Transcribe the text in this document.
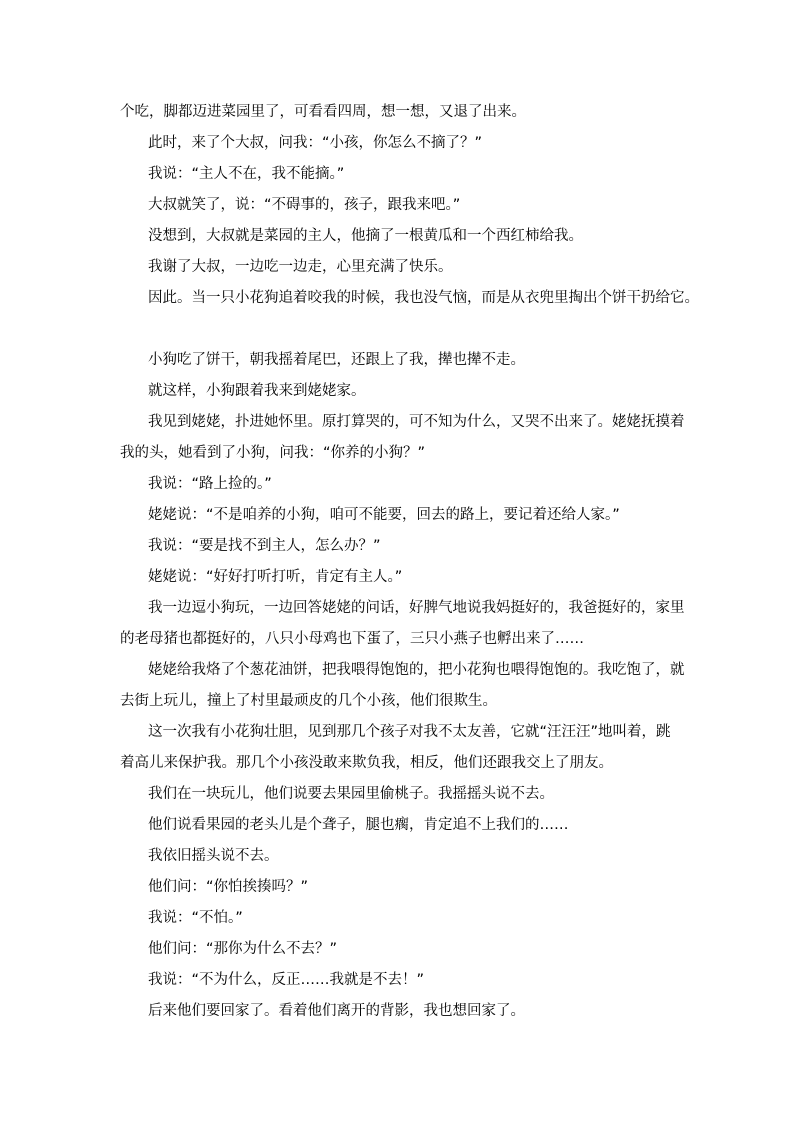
个吃，脚都迈进菜园里了，可看看四周，想一想，又退了出来。

此时，来了个大叔，问我：“小孩，你怎么不摘了？”

我说：“主人不在，我不能摘。”

大叔就笑了，说：“不碍事的，孩子，跟我来吧。”

没想到，大叔就是菜园的主人，他摘了一根黄瓜和一个西红柿给我。

我谢了大叔，一边吃一边走，心里充满了快乐。

因此。当一只小花狗追着咬我的时候，我也没气恼，而是从衣兜里掏出个饼干扔给它。

小狗吃了饼干，朝我摇着尾巴，还跟上了我，撵也撵不走。

就这样，小狗跟着我来到姥姥家。

我见到姥姥，扑进她怀里。原打算哭的，可不知为什么，又哭不出来了。姥姥抚摸着

我的头，她看到了小狗，问我：“你养的小狗？”

我说：“路上捡的。”

姥姥说：“不是咱养的小狗，咱可不能要，回去的路上，要记着还给人家。”

我说：“要是找不到主人，怎么办？”

姥姥说：“好好打听打听，肯定有主人。”

我一边逗小狗玩，一边回答姥姥的问话，好脾气地说我妈挺好的，我爸挺好的，家里

的老母猪也都挺好的，八只小母鸡也下蛋了，三只小燕子也孵出来了……

姥姥给我烙了个葱花油饼，把我喂得饱饱的，把小花狗也喂得饱饱的。我吃饱了，就

去街上玩儿，撞上了村里最顽皮的几个小孩，他们很欺生。

这一次我有小花狗壮胆，见到那几个孩子对我不太友善，它就“汪汪汪”地叫着，跳

着高儿来保护我。那几个小孩没敢来欺负我，相反，他们还跟我交上了朋友。

我们在一块玩儿，他们说要去果园里偷桃子。我摇摇头说不去。

他们说看果园的老头儿是个聋子，腿也瘸，肯定追不上我们的……

我依旧摇头说不去。

他们问：“你怕挨揍吗？”

我说：“不怕。”

他们问：“那你为什么不去？”

我说：“不为什么，反正……我就是不去！”

后来他们要回家了。看着他们离开的背影，我也想回家了。
